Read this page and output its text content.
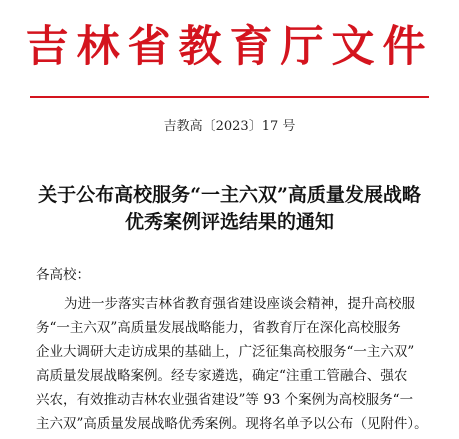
吉林省教育厅文件
吉教高〔2023〕17 号
关于公布高校服务“一主六双”高质量发展战略
优秀案例评选结果的通知
各高校：
为进一步落实吉林省教育强省建设座谈会精神，提升高校服
务“一主六双”高质量发展战略能力，省教育厅在深化高校服务
企业大调研大走访成果的基础上，广泛征集高校服务“一主六双”
高质量发展战略案例。经专家遴选，确定“注重工管融合、强农
兴农，有效推动吉林农业强省建设”等 93 个案例为高校服务“一
主六双”高质量发展战略优秀案例。现将名单予以公布（见附件）。
